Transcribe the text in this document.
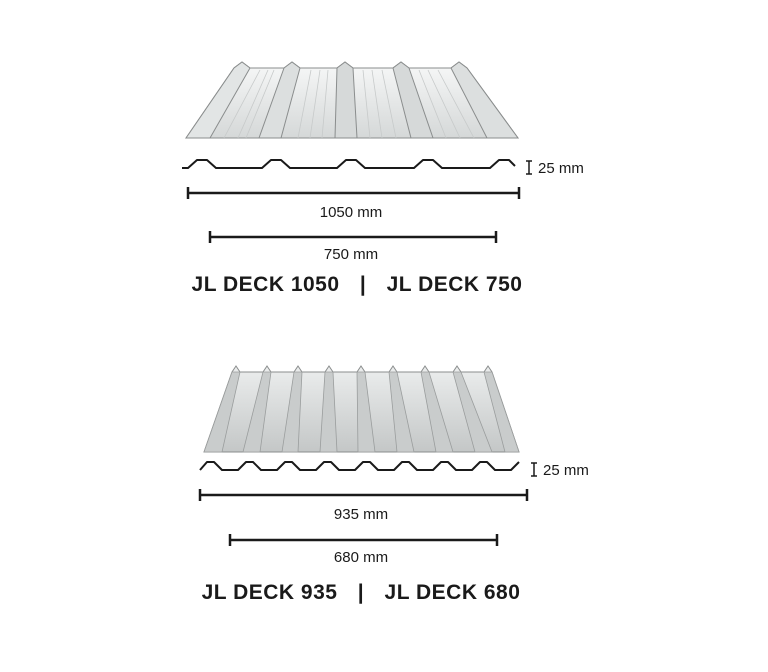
25 mm
1050 mm
750 mm
JL DECK 1050 | JL DECK 750
25 mm
935 mm
680 mm
JL DECK 935 | JL DECK 680
